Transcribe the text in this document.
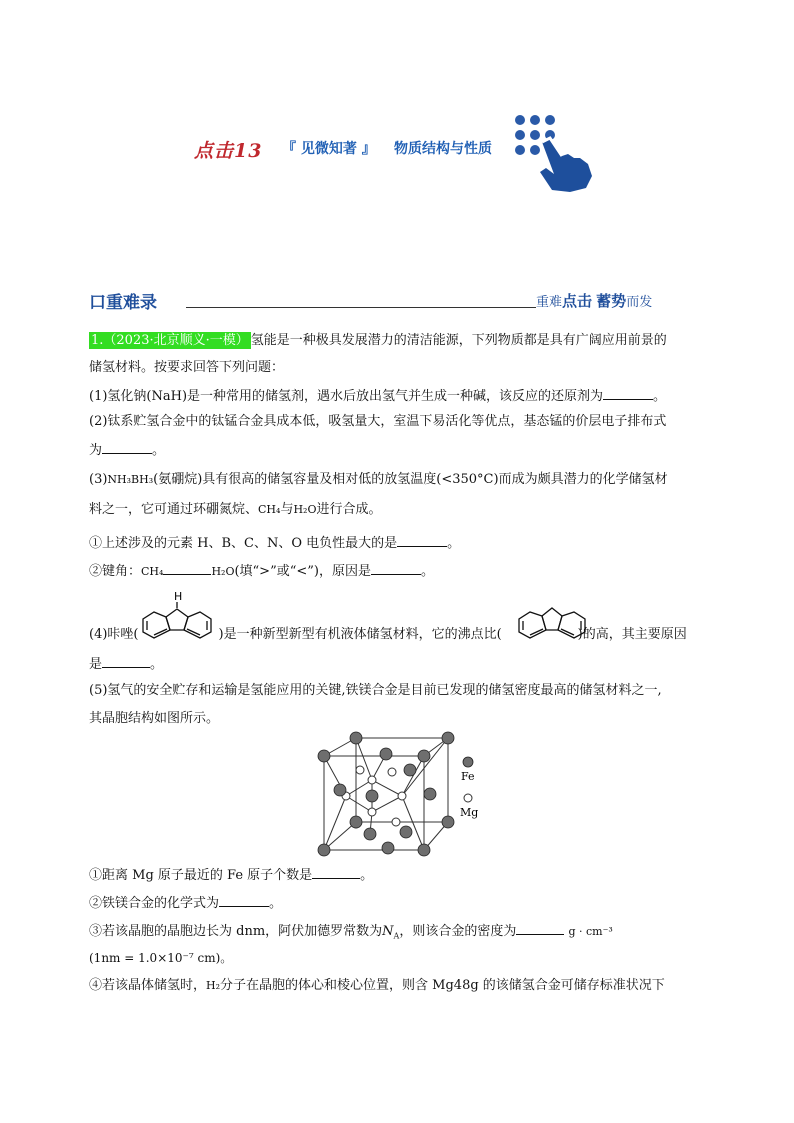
点击13 『 见微知著 』 物质结构与性质
口重难录	重难点击 蓄势而发
1.（2023·北京顺义·一模） 氢能是一种极具发展潜力的清洁能源，下列物质都是具有广阔应用前景的
储氢材料。按要求回答下列问题：
(1)氢化钠(NaH)是一种常用的储氢剂，遇水后放出氢气并生成一种碱，该反应的还原剂为	。
(2)钛系贮氢合金中的钛锰合金具成本低，吸氢量大，室温下易活化等优点，基态锰的价层电子排布式
为	。
(3)NH₃BH₃(氨硼烷)具有很高的储氢容量及相对低的放氢温度(<350°C)而成为颇具潜力的化学储氢材
料之一，它可通过环硼氮烷、CH₄与H₂O进行合成。
①上述涉及的元素 H、B、C、N、O 电负性最大的是	。
②键角：CH₄	H₂O(填“>”或“<”)，原因是	。
(4)咔唑(	)是一种新型新型有机液体储氢材料，它的沸点比(	)的高，其主要原因
H
是	。
(5)氢气的安全贮存和运输是氢能应用的关键,铁镁合金是目前已发现的储氢密度最高的储氢材料之一,
其晶胞结构如图所示。
Fe
Mg
①距离 Mg 原子最近的 Fe 原子个数是	。
②铁镁合金的化学式为	。
③若该晶胞的晶胞边长为 dnm，阿伏加德罗常数为$N_A$，则该合金的密度为	g · cm⁻³
(1nm = 1.0×10⁻⁷ cm)。
④若该晶体储氢时，H₂分子在晶胞的体心和棱心位置，则含 Mg48g 的该储氢合金可储存标准状况下
